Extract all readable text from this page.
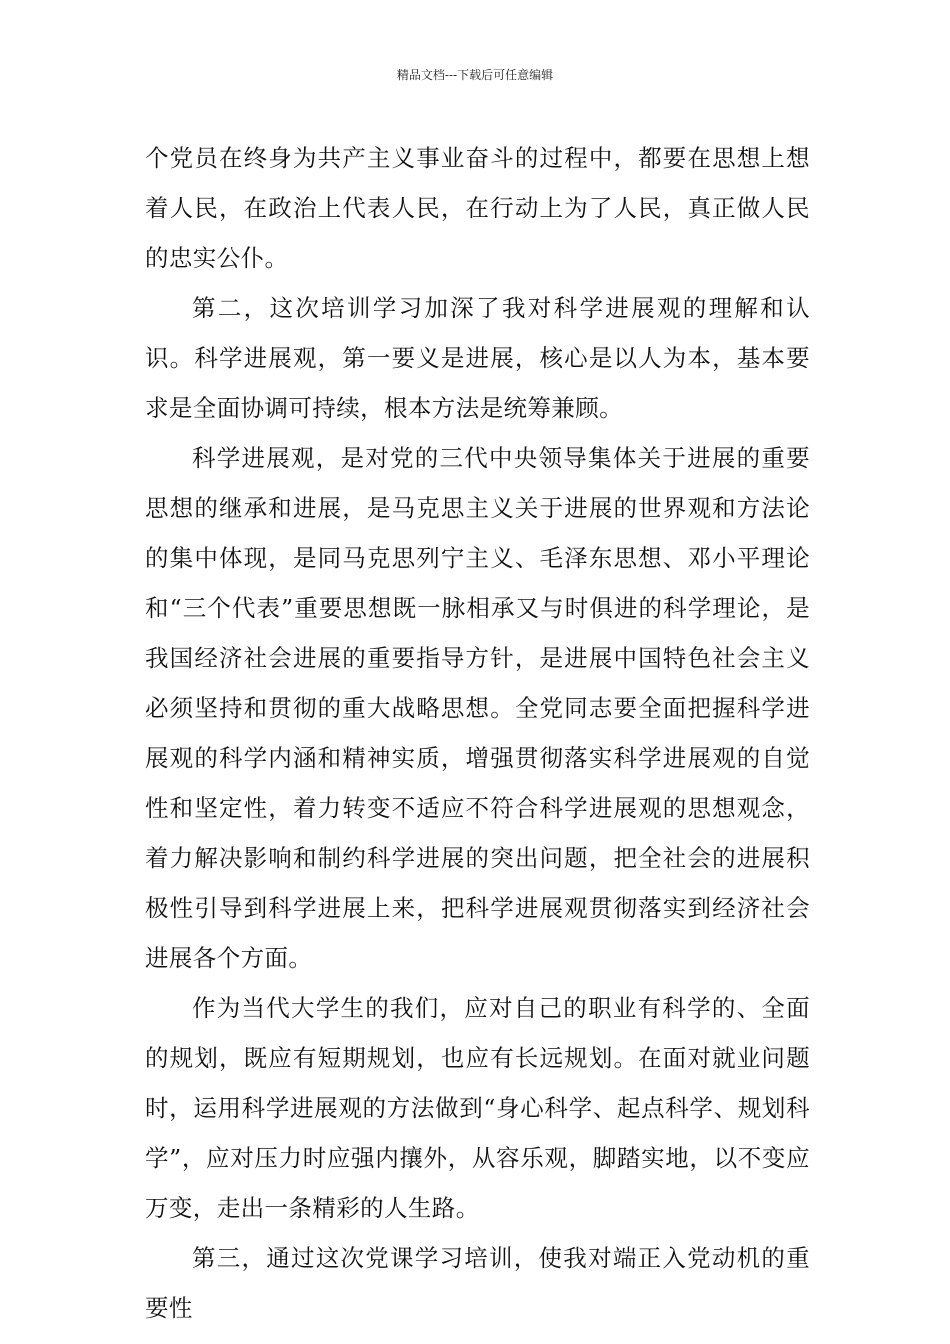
精品文档---下载后可任意编辑

个党员在终身为共产主义事业奋斗的过程中，都要在思想上想着人民，在政治上代表人民，在行动上为了人民，真正做人民的忠实公仆。

第二，这次培训学习加深了我对科学进展观的理解和认识。科学进展观，第一要义是进展，核心是以人为本，基本要求是全面协调可持续，根本方法是统筹兼顾。

科学进展观，是对党的三代中央领导集体关于进展的重要思想的继承和进展，是马克思主义关于进展的世界观和方法论的集中体现，是同马克思列宁主义、毛泽东思想、邓小平理论和“三个代表”重要思想既一脉相承又与时俱进的科学理论，是我国经济社会进展的重要指导方针，是进展中国特色社会主义必须坚持和贯彻的重大战略思想。全党同志要全面把握科学进展观的科学内涵和精神实质，增强贯彻落实科学进展观的自觉性和坚定性，着力转变不适应不符合科学进展观的思想观念，着力解决影响和制约科学进展的突出问题，把全社会的进展积极性引导到科学进展上来，把科学进展观贯彻落实到经济社会进展各个方面。

作为当代大学生的我们，应对自己的职业有科学的、全面的规划，既应有短期规划，也应有长远规划。在面对就业问题时，运用科学进展观的方法做到“身心科学、起点科学、规划科学”，应对压力时应强内攘外，从容乐观，脚踏实地，以不变应万变，走出一条精彩的人生路。

第三，通过这次党课学习培训，使我对端正入党动机的重要性
